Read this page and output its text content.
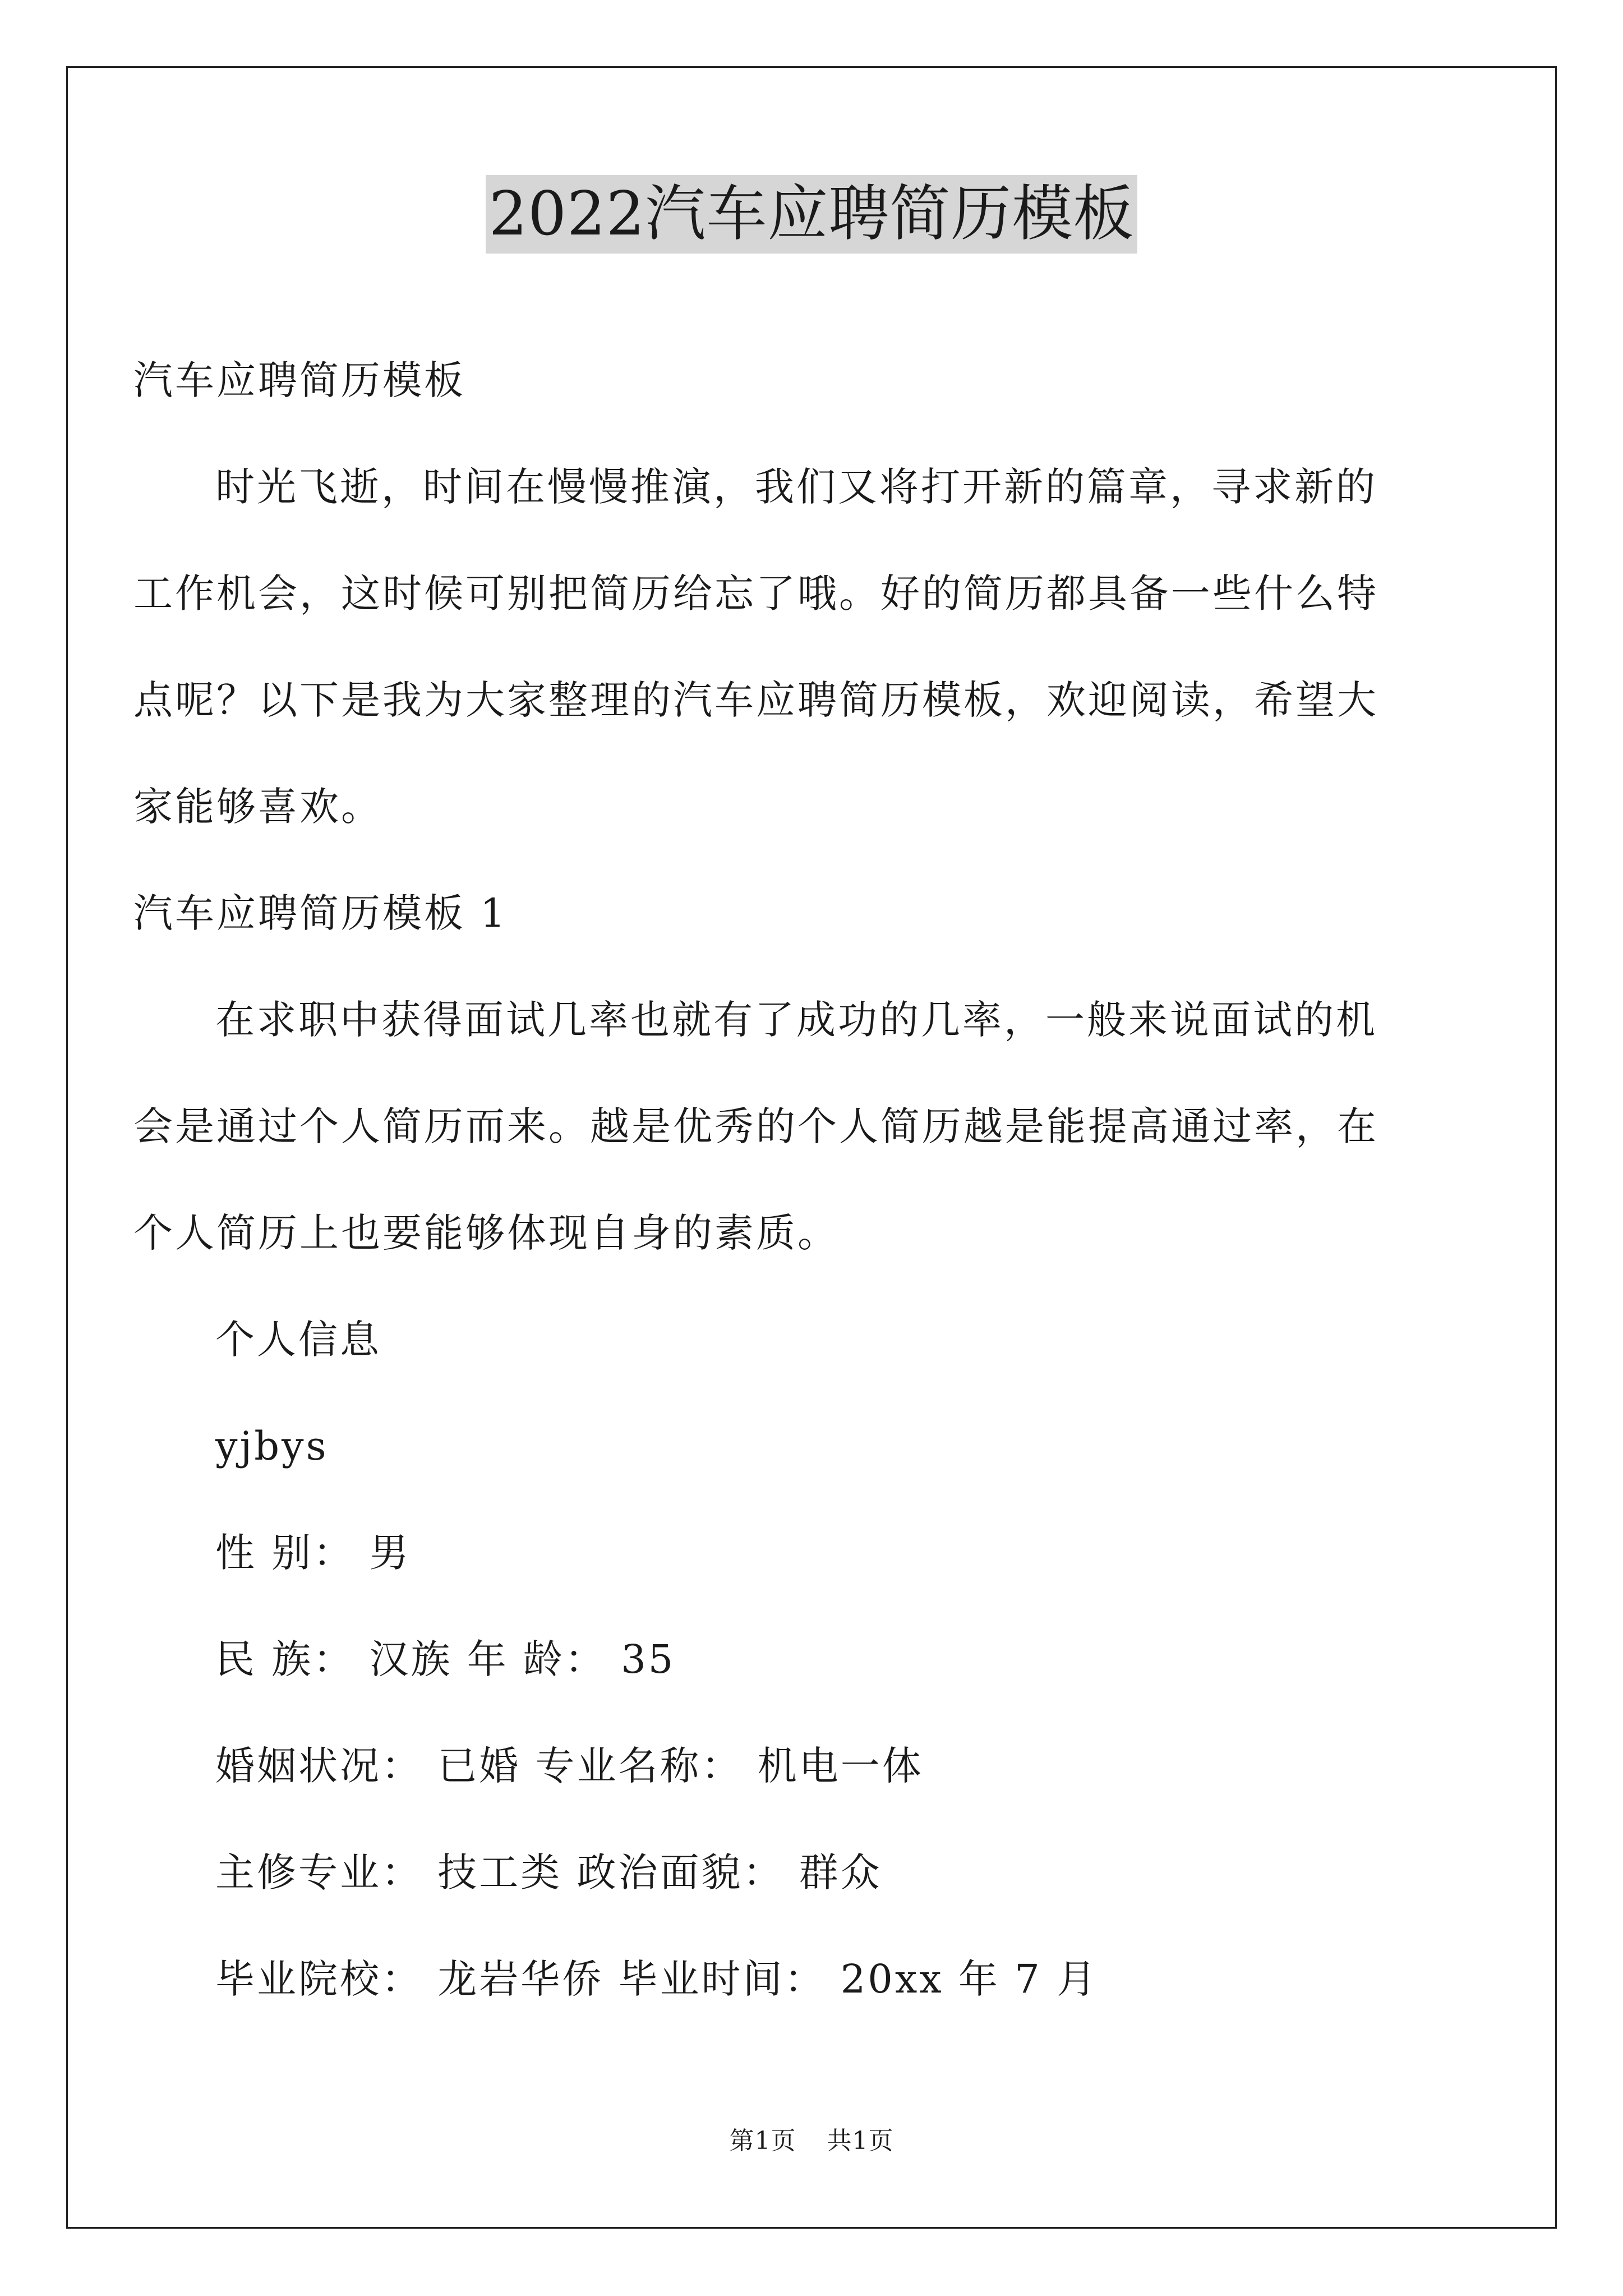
2022汽车应聘简历模板
汽车应聘简历模板
时光飞逝，时间在慢慢推演，我们又将打开新的篇章，寻求新的
工作机会，这时候可别把简历给忘了哦。好的简历都具备一些什么特
点呢？以下是我为大家整理的汽车应聘简历模板，欢迎阅读，希望大
家能够喜欢。
汽车应聘简历模板 1
在求职中获得面试几率也就有了成功的几率，一般来说面试的机
会是通过个人简历而来。越是优秀的个人简历越是能提高通过率，在
个人简历上也要能够体现自身的素质。
个人信息
yjbys
性 别： 男
民 族： 汉族 年 龄： 35
婚姻状况： 已婚 专业名称： 机电一体
主修专业： 技工类 政治面貌： 群众
毕业院校： 龙岩华侨 毕业时间： 20xx 年 7 月
第1页 共1页
